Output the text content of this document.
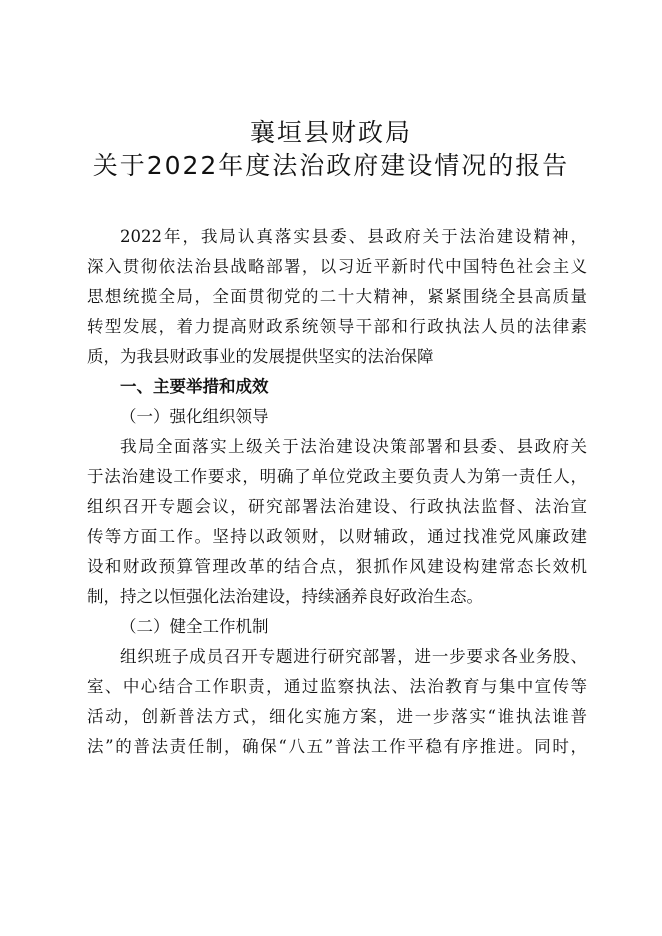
襄垣县财政局
关于2022年度法治政府建设情况的报告

2022年，我局认真落实县委、县政府关于法治建设精神，
深入贯彻依法治县战略部署，以习近平新时代中国特色社会主义
思想统揽全局，全面贯彻党的二十大精神，紧紧围绕全县高质量
转型发展，着力提高财政系统领导干部和行政执法人员的法律素
质，为我县财政事业的发展提供坚实的法治保障

一、主要举措和成效

（一）强化组织领导

我局全面落实上级关于法治建设决策部署和县委、县政府关
于法治建设工作要求，明确了单位党政主要负责人为第一责任人，
组织召开专题会议，研究部署法治建设、行政执法监督、法治宣
传等方面工作。坚持以政领财，以财辅政，通过找准党风廉政建
设和财政预算管理改革的结合点，狠抓作风建设构建常态长效机
制，持之以恒强化法治建设，持续涵养良好政治生态。

（二）健全工作机制

组织班子成员召开专题进行研究部署，进一步要求各业务股、
室、中心结合工作职责，通过监察执法、法治教育与集中宣传等
活动，创新普法方式，细化实施方案，进一步落实“谁执法谁普
法”的普法责任制，确保“八五”普法工作平稳有序推进。同时，
